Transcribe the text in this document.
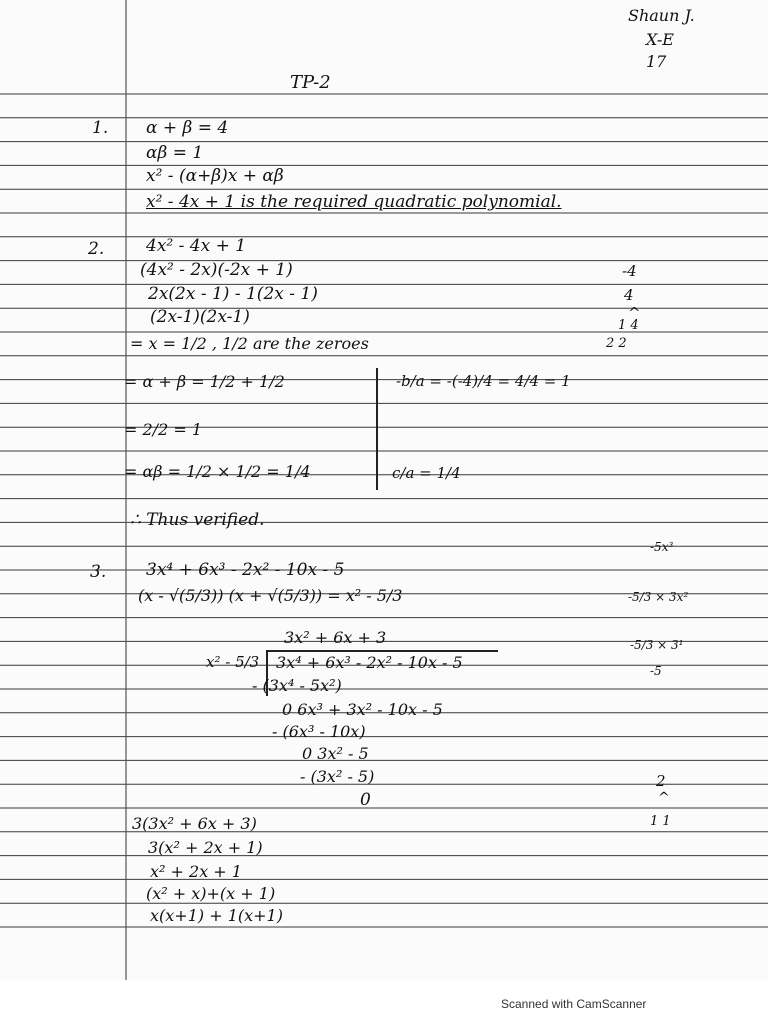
Shaun J.
X-E
17
TP-2
1. α + β = 4
αβ = 1
x² - (α+β)x + αβ
x² - 4x + 1 is the required quadratic polynomial.
2. 4x² - 4x + 1
(4x² - 2x)(-2x + 1)
2x(2x - 1) - 1(2x - 1)
(2x-1)(2x-1)
= x = 1/2 , 1/2 are the zeroes
-4
4
^
1 4
2 2
= α + β = 1/2 + 1/2	-b/a = -(-4)/4 = 4/4 = 1
= 2/2 = 1
= αβ = 1/2 × 1/2 = 1/4	c/a = 1/4
∴ Thus verified.
3. 3x⁴ + 6x³ - 2x² - 10x - 5
(x - √(5/3)) (x + √(5/3)) = x² - 5/3
3x² + 6x + 3
x² - 5/3 3x⁴ + 6x³ - 2x² - 10x - 5
- (3x⁴ - 5x²)
0 6x³ + 3x² - 10x - 5
- (6x³ - 10x)
0 3x² - 5
- (3x² - 5)
0
-5x³
-5/3 × 3x²
-5/3 × 3¹
-5
2
^
1 1
3(3x² + 6x + 3)
3(x² + 2x + 1)
x² + 2x + 1
(x² + x)+(x + 1)
x(x+1) + 1(x+1)
Scanned with CamScanner
